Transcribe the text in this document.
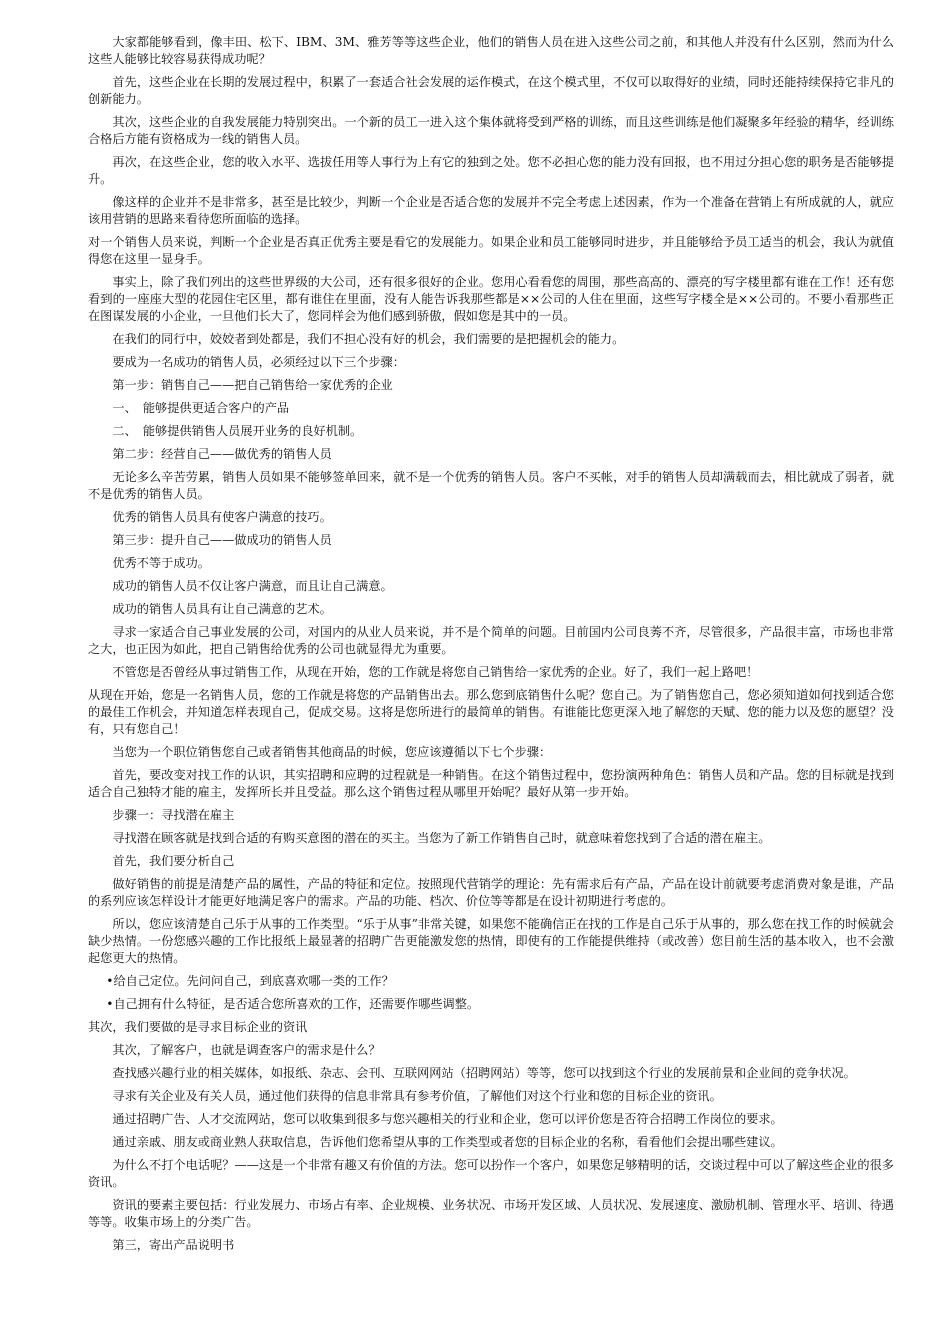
大家都能够看到，像丰田、松下、IBM、3M、雅芳等等这些企业，他们的销售人员在进入这些公司之前，和其他人并没有什么区别，然而为什么这些人能够比较容易获得成功呢？

首先，这些企业在长期的发展过程中，积累了一套适合社会发展的运作模式，在这个模式里，不仅可以取得好的业绩，同时还能持续保持它非凡的创新能力。

其次，这些企业的自我发展能力特别突出。一个新的员工一进入这个集体就将受到严格的训练，而且这些训练是他们凝聚多年经验的精华，经训练合格后方能有资格成为一线的销售人员。

再次，在这些企业，您的收入水平、选拔任用等人事行为上有它的独到之处。您不必担心您的能力没有回报，也不用过分担心您的职务是否能够提升。

像这样的企业并不是非常多，甚至是比较少，判断一个企业是否适合您的发展并不完全考虑上述因素，作为一个准备在营销上有所成就的人，就应该用营销的思路来看待您所面临的选择。

对一个销售人员来说，判断一个企业是否真正优秀主要是看它的发展能力。如果企业和员工能够同时进步，并且能够给予员工适当的机会，我认为就值得您在这里一显身手。

事实上，除了我们列出的这些世界级的大公司，还有很多很好的企业。您用心看看您的周围，那些高高的、漂亮的写字楼里都有谁在工作！还有您看到的一座座大型的花园住宅区里，都有谁住在里面，没有人能告诉我那些都是××公司的人住在里面，这些写字楼全是××公司的。不要小看那些正在图谋发展的小企业，一旦他们长大了，您同样会为他们感到骄傲，假如您是其中的一员。

在我们的同行中，姣姣者到处都是，我们不担心没有好的机会，我们需要的是把握机会的能力。

要成为一名成功的销售人员，必须经过以下三个步骤：

第一步：销售自己——把自己销售给一家优秀的企业

一、　能够提供更适合客户的产品

二、　能够提供销售人员展开业务的良好机制。

第二步：经营自己——做优秀的销售人员

无论多么辛苦劳累，销售人员如果不能够签单回来，就不是一个优秀的销售人员。客户不买帐，对手的销售人员却满载而去，相比就成了弱者，就不是优秀的销售人员。

优秀的销售人员具有使客户满意的技巧。

第三步：提升自己——做成功的销售人员

优秀不等于成功。

成功的销售人员不仅让客户满意，而且让自己满意。

成功的销售人员具有让自己满意的艺术。

寻求一家适合自己事业发展的公司，对国内的从业人员来说，并不是个简单的问题。目前国内公司良莠不齐，尽管很多，产品很丰富，市场也非常之大，也正因为如此，把自己销售给优秀的公司也就显得尤为重要。

不管您是否曾经从事过销售工作，从现在开始，您的工作就是将您自己销售给一家优秀的企业。好了，我们一起上路吧！

从现在开始，您是一名销售人员，您的工作就是将您的产品销售出去。那么您到底销售什么呢？您自己。为了销售您自己，您必须知道如何找到适合您的最佳工作机会，并知道怎样表现自己，促成交易。这将是您所进行的最简单的销售。有谁能比您更深入地了解您的天赋、您的能力以及您的愿望？没有，只有您自己！

当您为一个职位销售您自己或者销售其他商品的时候，您应该遵循以下七个步骤：

首先，要改变对找工作的认识，其实招聘和应聘的过程就是一种销售。在这个销售过程中，您扮演两种角色：销售人员和产品。您的目标就是找到适合自己独特才能的雇主，发挥所长并且受益。那么这个销售过程从哪里开始呢？最好从第一步开始。

步骤一：寻找潜在雇主

寻找潜在顾客就是找到合适的有购买意图的潜在的买主。当您为了新工作销售自己时，就意味着您找到了合适的潜在雇主。

首先，我们要分析自己

做好销售的前提是清楚产品的属性，产品的特征和定位。按照现代营销学的理论：先有需求后有产品，产品在设计前就要考虑消费对象是谁，产品的系列应该怎样设计才能更好地满足客户的需求。产品的功能、档次、价位等等都是在设计初期进行考虑的。

所以，您应该清楚自己乐于从事的工作类型。“乐于从事”非常关键，如果您不能确信正在找的工作是自己乐于从事的，那么您在找工作的时候就会缺少热情。一份您感兴趣的工作比报纸上最显著的招聘广告更能激发您的热情，即使有的工作能提供维持（或改善）您目前生活的基本收入，也不会激起您更大的热情。

•给自己定位。先问问自己，到底喜欢哪一类的工作？

•自己拥有什么特征，是否适合您所喜欢的工作，还需要作哪些调整。

其次，我们要做的是寻求目标企业的资讯

其次，了解客户，也就是调查客户的需求是什么？

查找感兴趣行业的相关媒体，如报纸、杂志、会刊、互联网网站（招聘网站）等等，您可以找到这个行业的发展前景和企业间的竞争状况。

寻求有关企业及有关人员，通过他们获得的信息非常具有参考价值，了解他们对这个行业和您的目标企业的资讯。

通过招聘广告、人才交流网站，您可以收集到很多与您兴趣相关的行业和企业，您可以评价您是否符合招聘工作岗位的要求。

通过亲戚、朋友或商业熟人获取信息，告诉他们您希望从事的工作类型或者您的目标企业的名称，看看他们会提出哪些建议。

为什么不打个电话呢？——这是一个非常有趣又有价值的方法。您可以扮作一个客户，如果您足够精明的话，交谈过程中可以了解这些企业的很多资讯。

资讯的要素主要包括：行业发展力、市场占有率、企业规模、业务状况、市场开发区域、人员状况、发展速度、激励机制、管理水平、培训、待遇等等。收集市场上的分类广告。

第三，寄出产品说明书
